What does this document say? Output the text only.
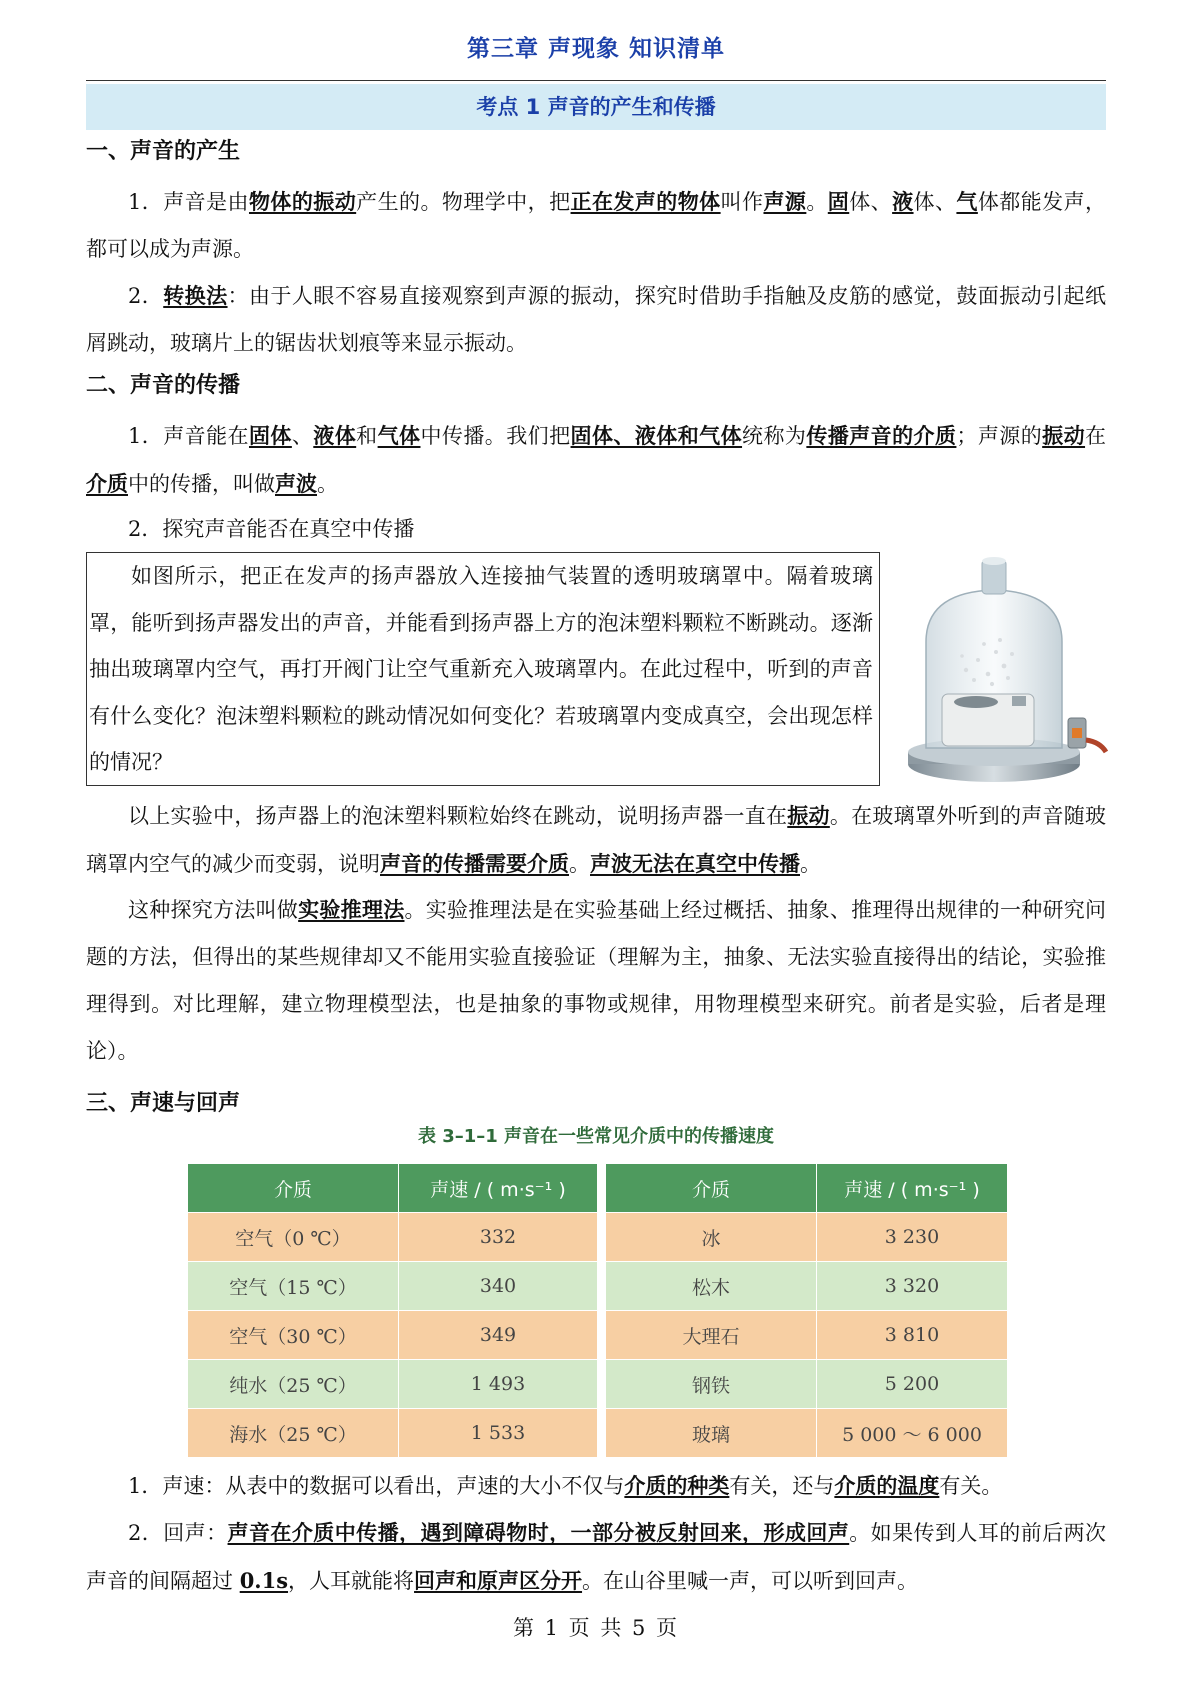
第三章 声现象 知识清单
考点 1 声音的产生和传播
一、声音的产生
1．声音是由物体的振动产生的。物理学中，把正在发声的物体叫作声源。固体、液体、气体都能发声，都可以成为声源。
2．转换法：由于人眼不容易直接观察到声源的振动，探究时借助手指触及皮筋的感觉，鼓面振动引起纸屑跳动，玻璃片上的锯齿状划痕等来显示振动。
二、声音的传播
1．声音能在固体、液体和气体中传播。我们把固体、液体和气体统称为传播声音的介质；声源的振动在介质中的传播，叫做声波。
2．探究声音能否在真空中传播

如图所示，把正在发声的扬声器放入连接抽气装置的透明玻璃罩中。隔着玻璃罩，能听到扬声器发出的声音，并能看到扬声器上方的泡沫塑料颗粒不断跳动。逐渐抽出玻璃罩内空气，再打开阀门让空气重新充入玻璃罩内。在此过程中，听到的声音有什么变化？泡沫塑料颗粒的跳动情况如何变化？若玻璃罩内变成真空，会出现怎样的情况？

以上实验中，扬声器上的泡沫塑料颗粒始终在跳动，说明扬声器一直在振动。在玻璃罩外听到的声音随玻璃罩内空气的减少而变弱，说明声音的传播需要介质。声波无法在真空中传播。
这种探究方法叫做实验推理法。实验推理法是在实验基础上经过概括、抽象、推理得出规律的一种研究问题的方法，但得出的某些规律却又不能用实验直接验证（理解为主，抽象、无法实验直接得出的结论，实验推理得到。对比理解，建立物理模型法，也是抽象的事物或规律，用物理模型来研究。前者是实验，后者是理论）。
三、声速与回声
表 3–1–1 声音在一些常见介质中的传播速度
介质	声速 / ( m·s⁻¹ )		介质	声速 / ( m·s⁻¹ )
空气（0 ℃）	332		冰	3 230
空气（15 ℃）	340		松木	3 320
空气（30 ℃）	349		大理石	3 810
纯水（25 ℃）	1 493		钢铁	5 200
海水（25 ℃）	1 533		玻璃	5 000 ～ 6 000
1．声速：从表中的数据可以看出，声速的大小不仅与介质的种类有关，还与介质的温度有关。
2．回声：声音在介质中传播，遇到障碍物时，一部分被反射回来，形成回声。如果传到人耳的前后两次声音的间隔超过 0.1s，人耳就能将回声和原声区分开。在山谷里喊一声，可以听到回声。
第 1 页 共 5 页
